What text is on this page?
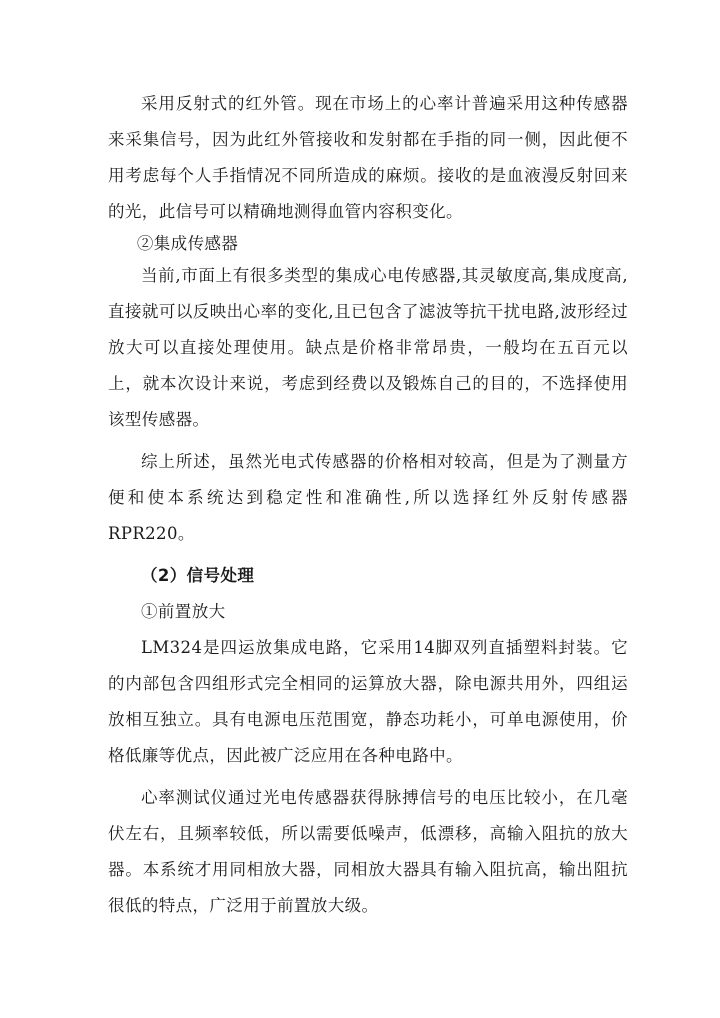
采用反射式的红外管。现在市场上的心率计普遍采用这种传感器来采集信号，因为此红外管接收和发射都在手指的同一侧，因此便不用考虑每个人手指情况不同所造成的麻烦。接收的是血液漫反射回来的光，此信号可以精确地测得血管内容积变化。

②集成传感器

当前,市面上有很多类型的集成心电传感器,其灵敏度高,集成度高,直接就可以反映出心率的变化,且已包含了滤波等抗干扰电路,波形经过放大可以直接处理使用。缺点是价格非常昂贵，一般均在五百元以上，就本次设计来说，考虑到经费以及锻炼自己的目的，不选择使用该型传感器。

综上所述，虽然光电式传感器的价格相对较高，但是为了测量方便和使本系统达到稳定性和准确性,所以选择红外反射传感器RPR220。

（2）信号处理

①前置放大

LM324是四运放集成电路，它采用14脚双列直插塑料封装。它的内部包含四组形式完全相同的运算放大器，除电源共用外，四组运放相互独立。具有电源电压范围宽，静态功耗小，可单电源使用，价格低廉等优点，因此被广泛应用在各种电路中。

心率测试仪通过光电传感器获得脉搏信号的电压比较小，在几毫伏左右，且频率较低，所以需要低噪声，低漂移，高输入阻抗的放大器。本系统才用同相放大器，同相放大器具有输入阻抗高，输出阻抗很低的特点，广泛用于前置放大级。
